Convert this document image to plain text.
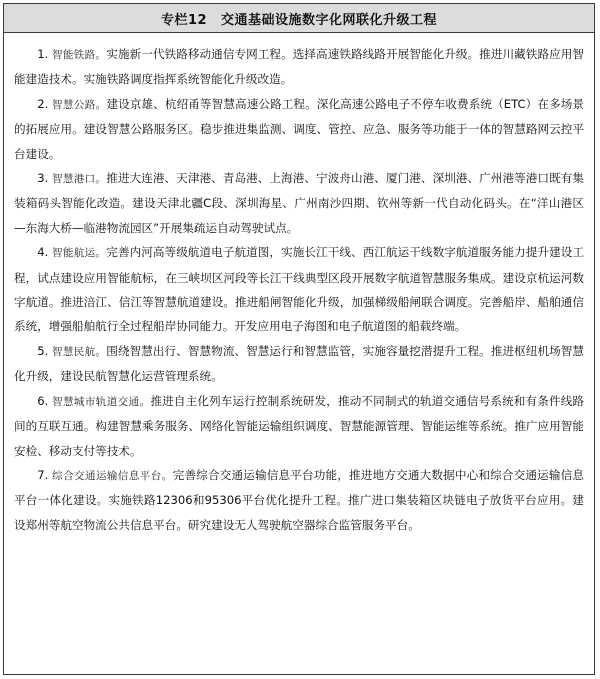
专栏12 交通基础设施数字化网联化升级工程

1. 智能铁路。实施新一代铁路移动通信专网工程。选择高速铁路线路开展智能化升级。推进川藏铁路应用智能建造技术。实施铁路调度指挥系统智能化升级改造。

2. 智慧公路。建设京雄、杭绍甬等智慧高速公路工程。深化高速公路电子不停车收费系统（ETC）在多场景的拓展应用。建设智慧公路服务区。稳步推进集监测、调度、管控、应急、服务等功能于一体的智慧路网云控平台建设。

3. 智慧港口。推进大连港、天津港、青岛港、上海港、宁波舟山港、厦门港、深圳港、广州港等港口既有集装箱码头智能化改造。建设天津北疆C段、深圳海星、广州南沙四期、钦州等新一代自动化码头。在“洋山港区—东海大桥—临港物流园区”开展集疏运自动驾驶试点。

4. 智能航运。完善内河高等级航道电子航道图，实施长江干线、西江航运干线数字航道服务能力提升建设工程，试点建设应用智能航标，在三峡坝区河段等长江干线典型区段开展数字航道智慧服务集成。建设京杭运河数字航道。推进涪江、信江等智慧航道建设。推进船闸智能化升级，加强梯级船闸联合调度。完善船岸、船舶通信系统，增强船舶航行全过程船岸协同能力。开发应用电子海图和电子航道图的船载终端。

5. 智慧民航。围绕智慧出行、智慧物流、智慧运行和智慧监管，实施容量挖潜提升工程。推进枢纽机场智慧化升级，建设民航智慧化运营管理系统。

6. 智慧城市轨道交通。推进自主化列车运行控制系统研发，推动不同制式的轨道交通信号系统和有条件线路间的互联互通。构建智慧乘务服务、网络化智能运输组织调度、智慧能源管理、智能运维等系统。推广应用智能安检、移动支付等技术。

7. 综合交通运输信息平台。完善综合交通运输信息平台功能，推进地方交通大数据中心和综合交通运输信息平台一体化建设。实施铁路12306和95306平台优化提升工程。推广进口集装箱区块链电子放货平台应用。建设郑州等航空物流公共信息平台。研究建设无人驾驶航空器综合监管服务平台。
